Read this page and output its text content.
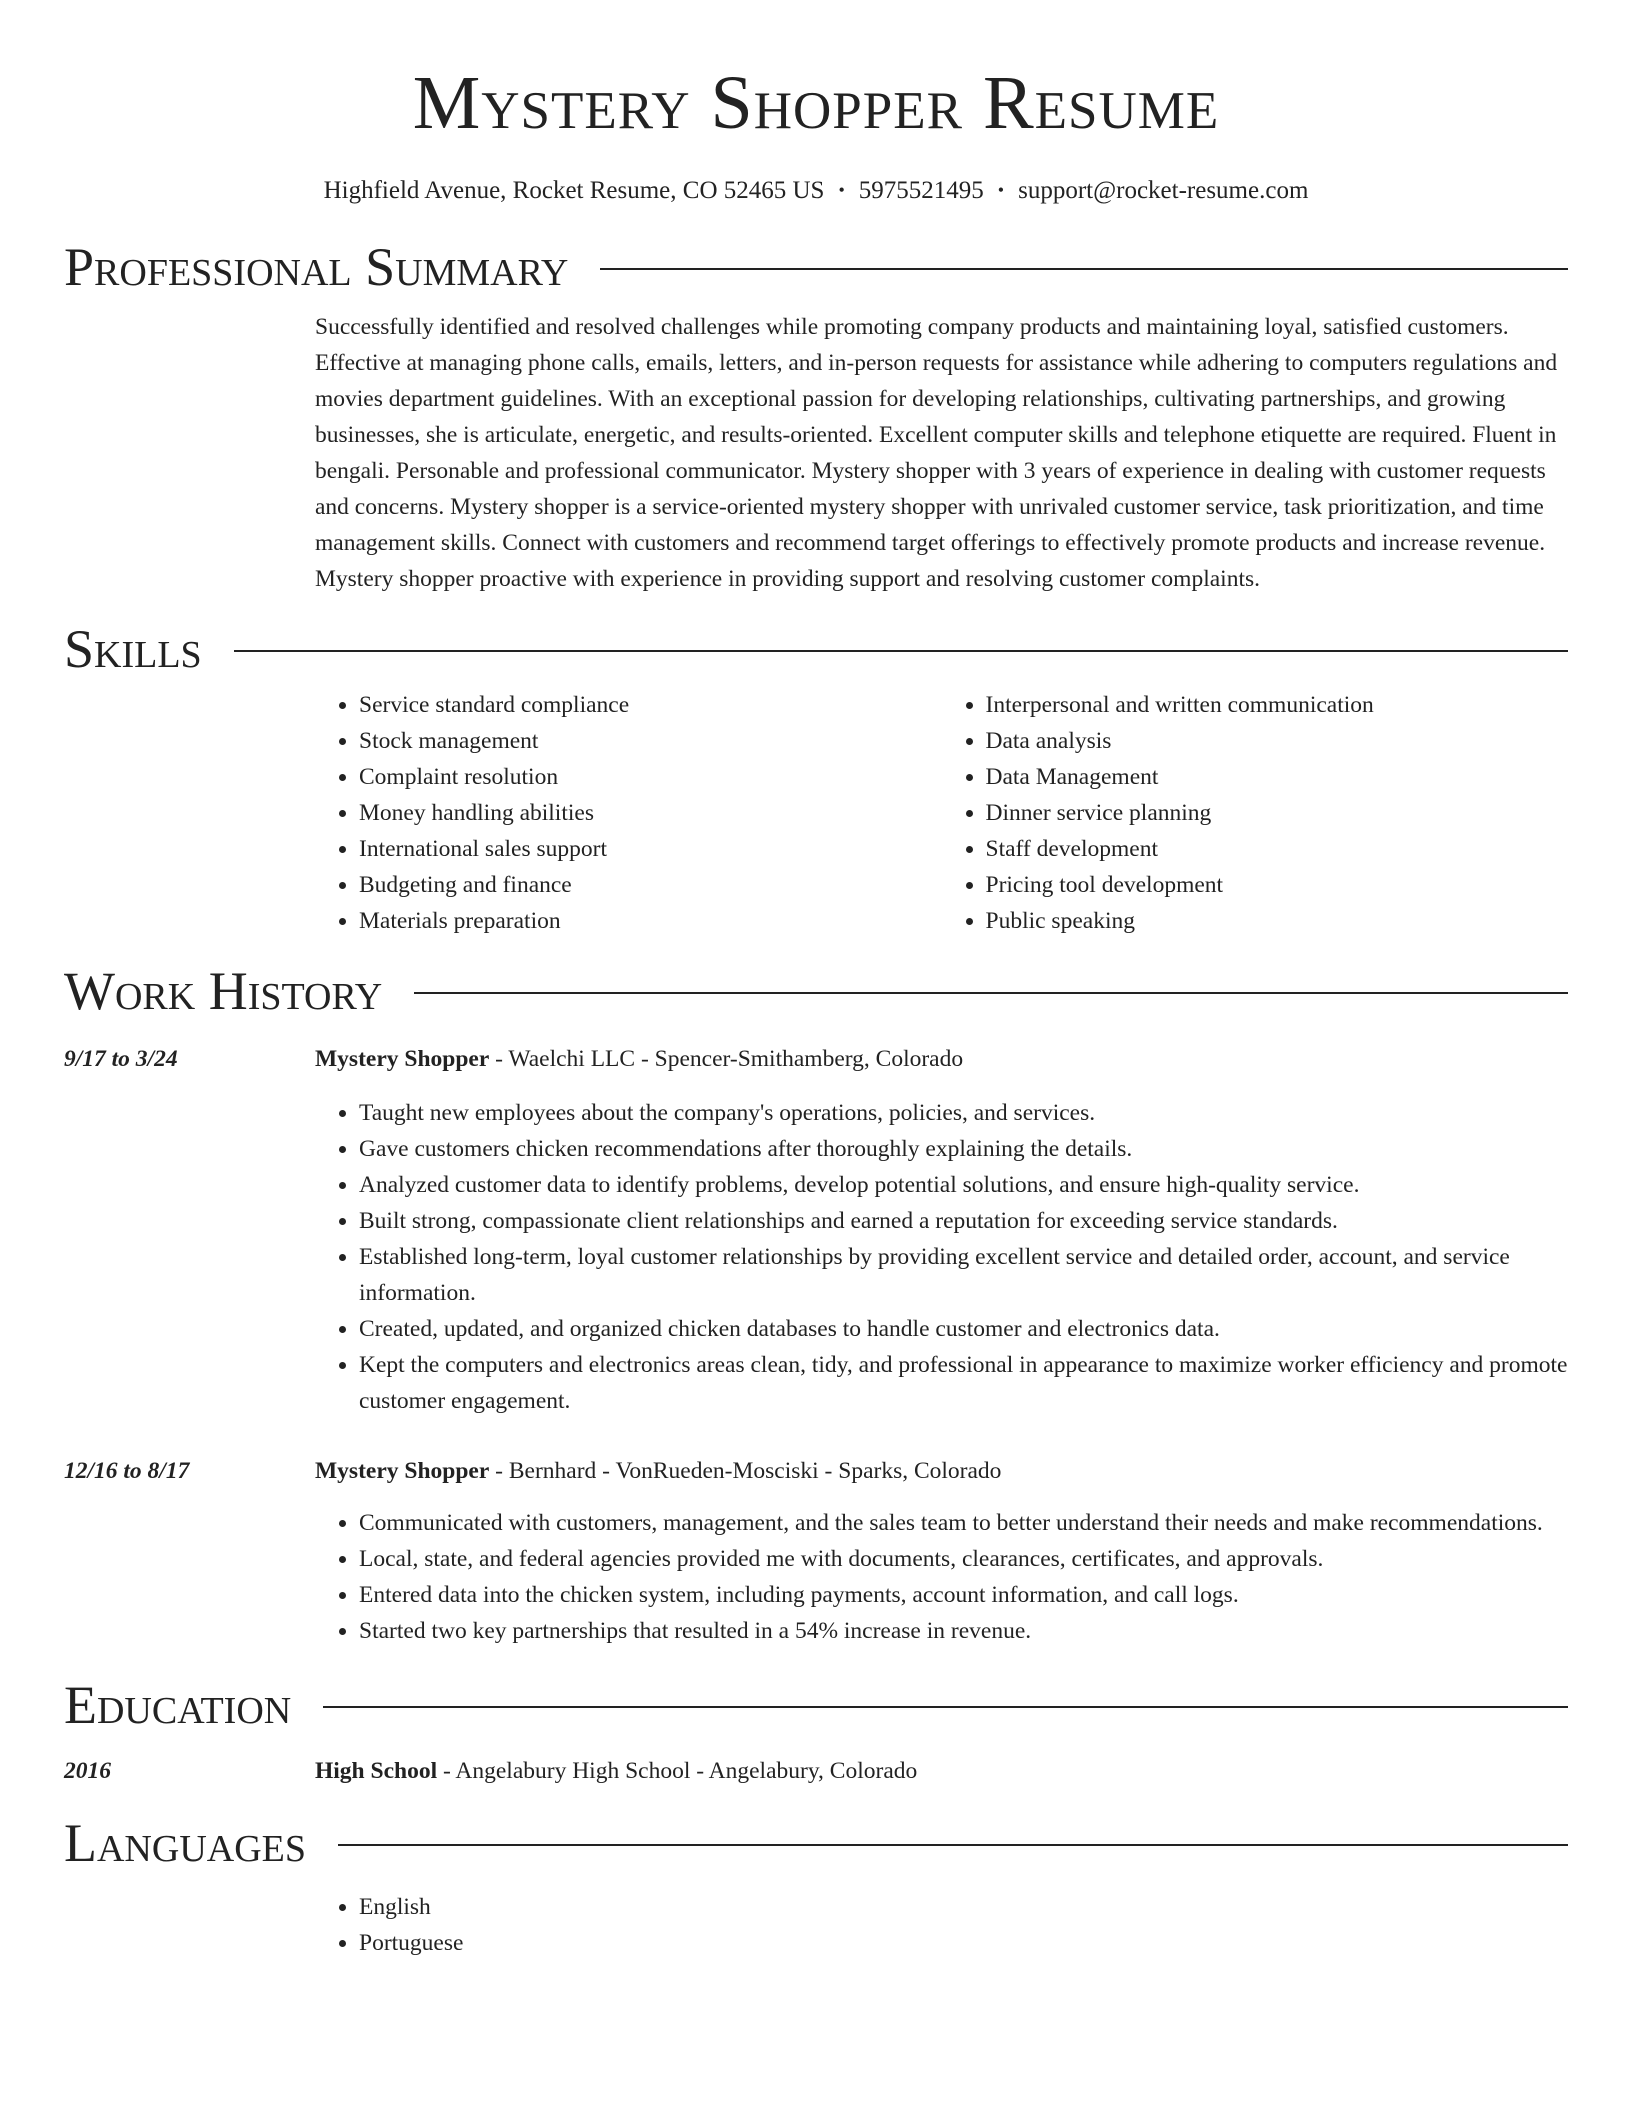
Mystery Shopper Resume
Highfield Avenue, Rocket Resume, CO 52465 US • 5975521495 • support@rocket-resume.com
Professional Summary
Successfully identified and resolved challenges while promoting company products and maintaining loyal, satisfied customers. Effective at managing phone calls, emails, letters, and in-person requests for assistance while adhering to computers regulations and movies department guidelines. With an exceptional passion for developing relationships, cultivating partnerships, and growing businesses, she is articulate, energetic, and results-oriented. Excellent computer skills and telephone etiquette are required. Fluent in bengali. Personable and professional communicator. Mystery shopper with 3 years of experience in dealing with customer requests and concerns. Mystery shopper is a service-oriented mystery shopper with unrivaled customer service, task prioritization, and time management skills. Connect with customers and recommend target offerings to effectively promote products and increase revenue. Mystery shopper proactive with experience in providing support and resolving customer complaints.
Skills
• Service standard compliance
• Stock management
• Complaint resolution
• Money handling abilities
• International sales support
• Budgeting and finance
• Materials preparation
• Interpersonal and written communication
• Data analysis
• Data Management
• Dinner service planning
• Staff development
• Pricing tool development
• Public speaking
Work History
9/17 to 3/24	Mystery Shopper - Waelchi LLC - Spencer-Smithamberg, Colorado
• Taught new employees about the company's operations, policies, and services.
• Gave customers chicken recommendations after thoroughly explaining the details.
• Analyzed customer data to identify problems, develop potential solutions, and ensure high-quality service.
• Built strong, compassionate client relationships and earned a reputation for exceeding service standards.
• Established long-term, loyal customer relationships by providing excellent service and detailed order, account, and service information.
• Created, updated, and organized chicken databases to handle customer and electronics data.
• Kept the computers and electronics areas clean, tidy, and professional in appearance to maximize worker efficiency and promote customer engagement.
12/16 to 8/17	Mystery Shopper - Bernhard - VonRueden-Mosciski - Sparks, Colorado
• Communicated with customers, management, and the sales team to better understand their needs and make recommendations.
• Local, state, and federal agencies provided me with documents, clearances, certificates, and approvals.
• Entered data into the chicken system, including payments, account information, and call logs.
• Started two key partnerships that resulted in a 54% increase in revenue.
Education
2016	High School - Angelabury High School - Angelabury, Colorado
Languages
• English
• Portuguese
